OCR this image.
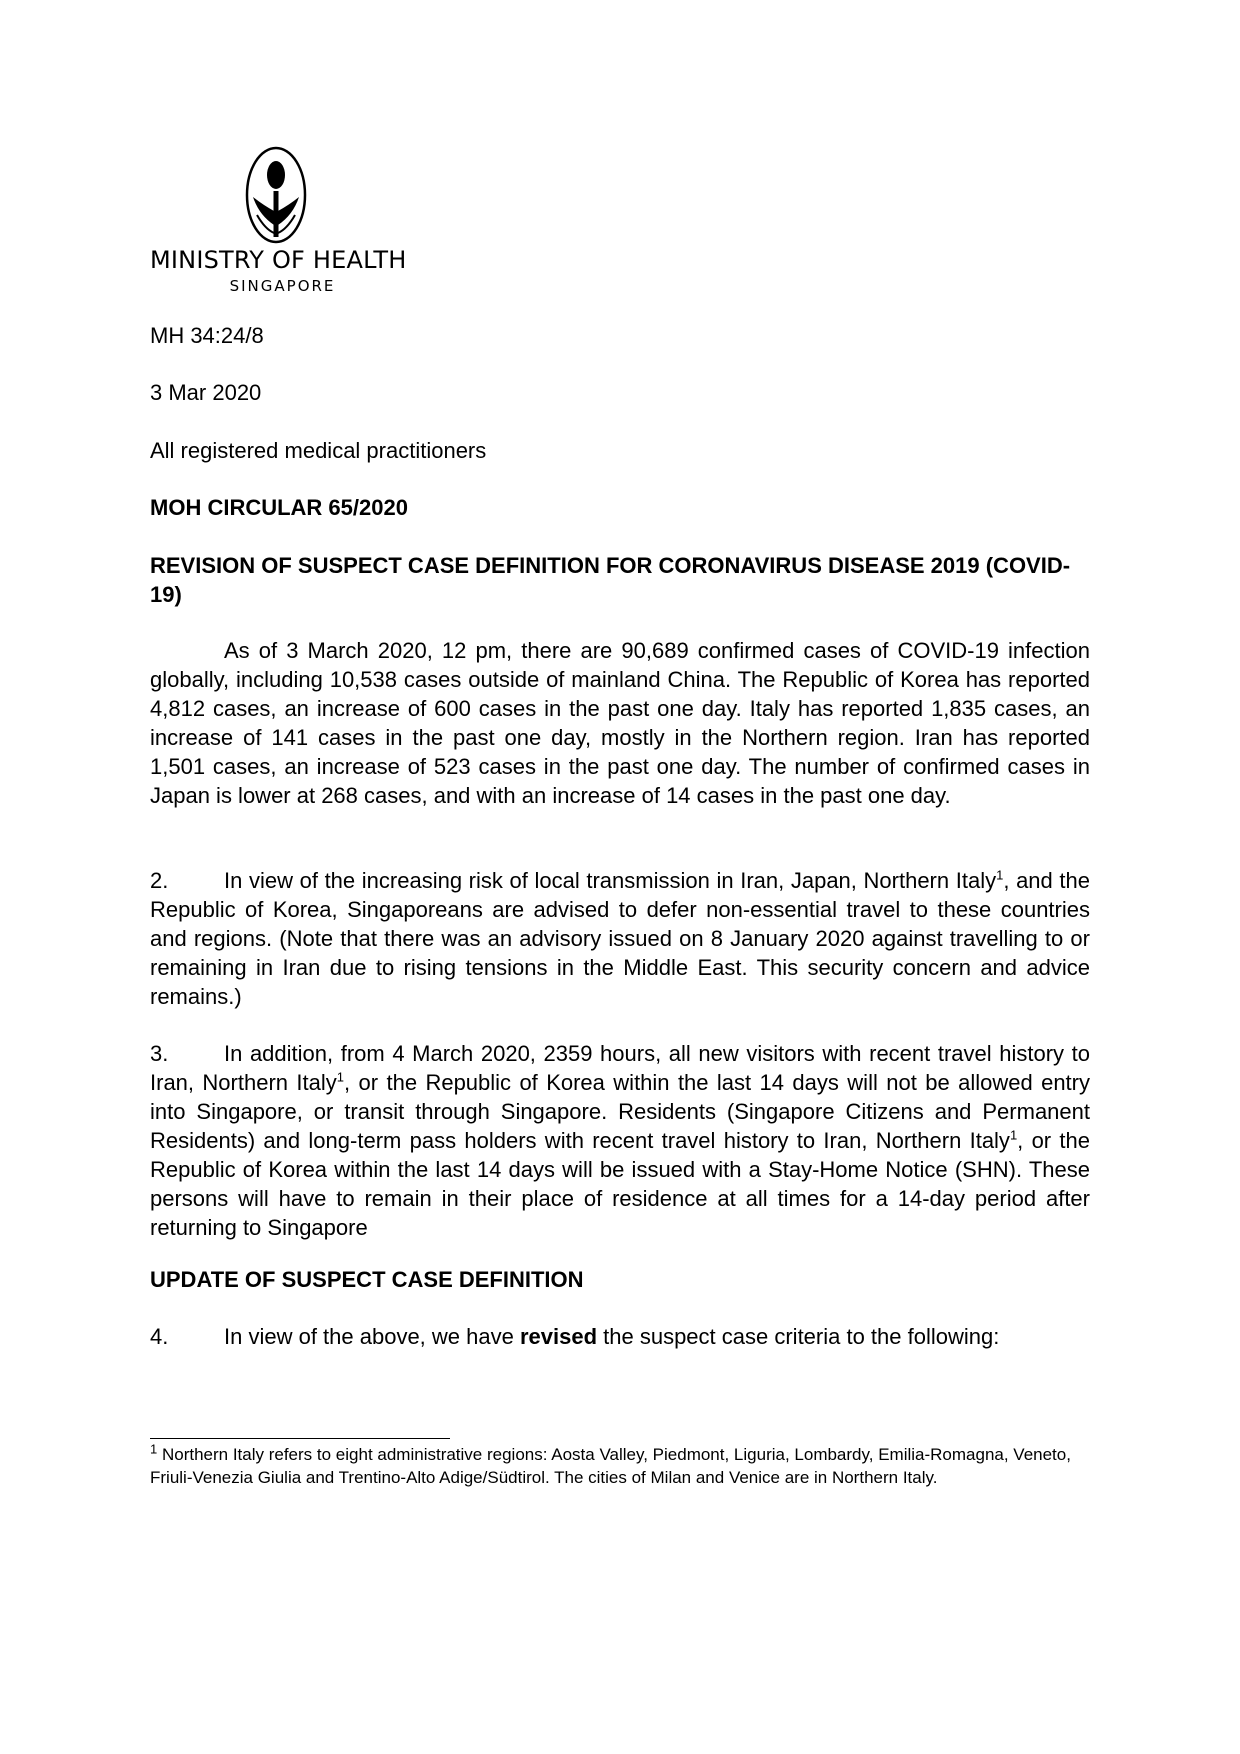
MINISTRY OF HEALTH
SINGAPORE

MH 34:24/8

3 Mar 2020

All registered medical practitioners

MOH CIRCULAR 65/2020

REVISION OF SUSPECT CASE DEFINITION FOR CORONAVIRUS DISEASE 2019 (COVID-19)

As of 3 March 2020, 12 pm, there are 90,689 confirmed cases of COVID-19 infection globally, including 10,538 cases outside of mainland China. The Republic of Korea has reported 4,812 cases, an increase of 600 cases in the past one day. Italy has reported 1,835 cases, an increase of 141 cases in the past one day, mostly in the Northern region. Iran has reported 1,501 cases, an increase of 523 cases in the past one day. The number of confirmed cases in Japan is lower at 268 cases, and with an increase of 14 cases in the past one day.

2.	In view of the increasing risk of local transmission in Iran, Japan, Northern Italy$^1$, and the Republic of Korea, Singaporeans are advised to defer non-essential travel to these countries and regions. (Note that there was an advisory issued on 8 January 2020 against travelling to or remaining in Iran due to rising tensions in the Middle East. This security concern and advice remains.)

3.	In addition, from 4 March 2020, 2359 hours, all new visitors with recent travel history to Iran, Northern Italy$^1$, or the Republic of Korea within the last 14 days will not be allowed entry into Singapore, or transit through Singapore. Residents (Singapore Citizens and Permanent Residents) and long-term pass holders with recent travel history to Iran, Northern Italy$^1$, or the Republic of Korea within the last 14 days will be issued with a Stay-Home Notice (SHN). These persons will have to remain in their place of residence at all times for a 14-day period after returning to Singapore

UPDATE OF SUSPECT CASE DEFINITION

4.	In view of the above, we have revised the suspect case criteria to the following:

$^1$ Northern Italy refers to eight administrative regions: Aosta Valley, Piedmont, Liguria, Lombardy, Emilia-Romagna, Veneto, Friuli-Venezia Giulia and Trentino-Alto Adige/Südtirol. The cities of Milan and Venice are in Northern Italy.
